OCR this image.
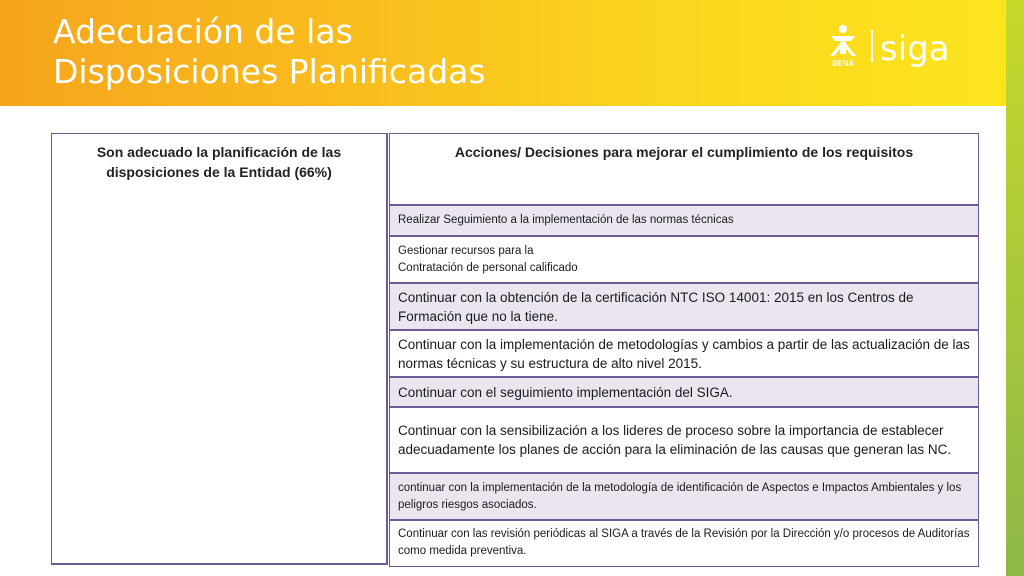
Adecuación de las
Disposiciones Planificadas	SENA siga
Son adecuado la planificación de las disposiciones de la Entidad (66%)
Acciones/ Decisiones para mejorar el cumplimiento de los requisitos
Realizar Seguimiento a la implementación de las normas técnicas
Gestionar recursos para la
Contratación de personal calificado
Continuar con la obtención de la certificación NTC ISO 14001: 2015 en los Centros de Formación que no la tiene.
Continuar con la implementación de metodologías y cambios a partir de las actualización de las normas técnicas y su estructura de alto nivel 2015.
Continuar con el seguimiento implementación del SIGA.
Continuar con la sensibilización a los lideres de proceso sobre la importancia de establecer adecuadamente los planes de acción para la eliminación de las causas que generan las NC.
continuar con la implementación de la metodología de identificación de Aspectos e Impactos Ambientales y los peligros riesgos asociados.
Continuar con las revisión periódicas al SIGA a través de la Revisión por la Dirección y/o procesos de Auditorías como medida preventiva.
